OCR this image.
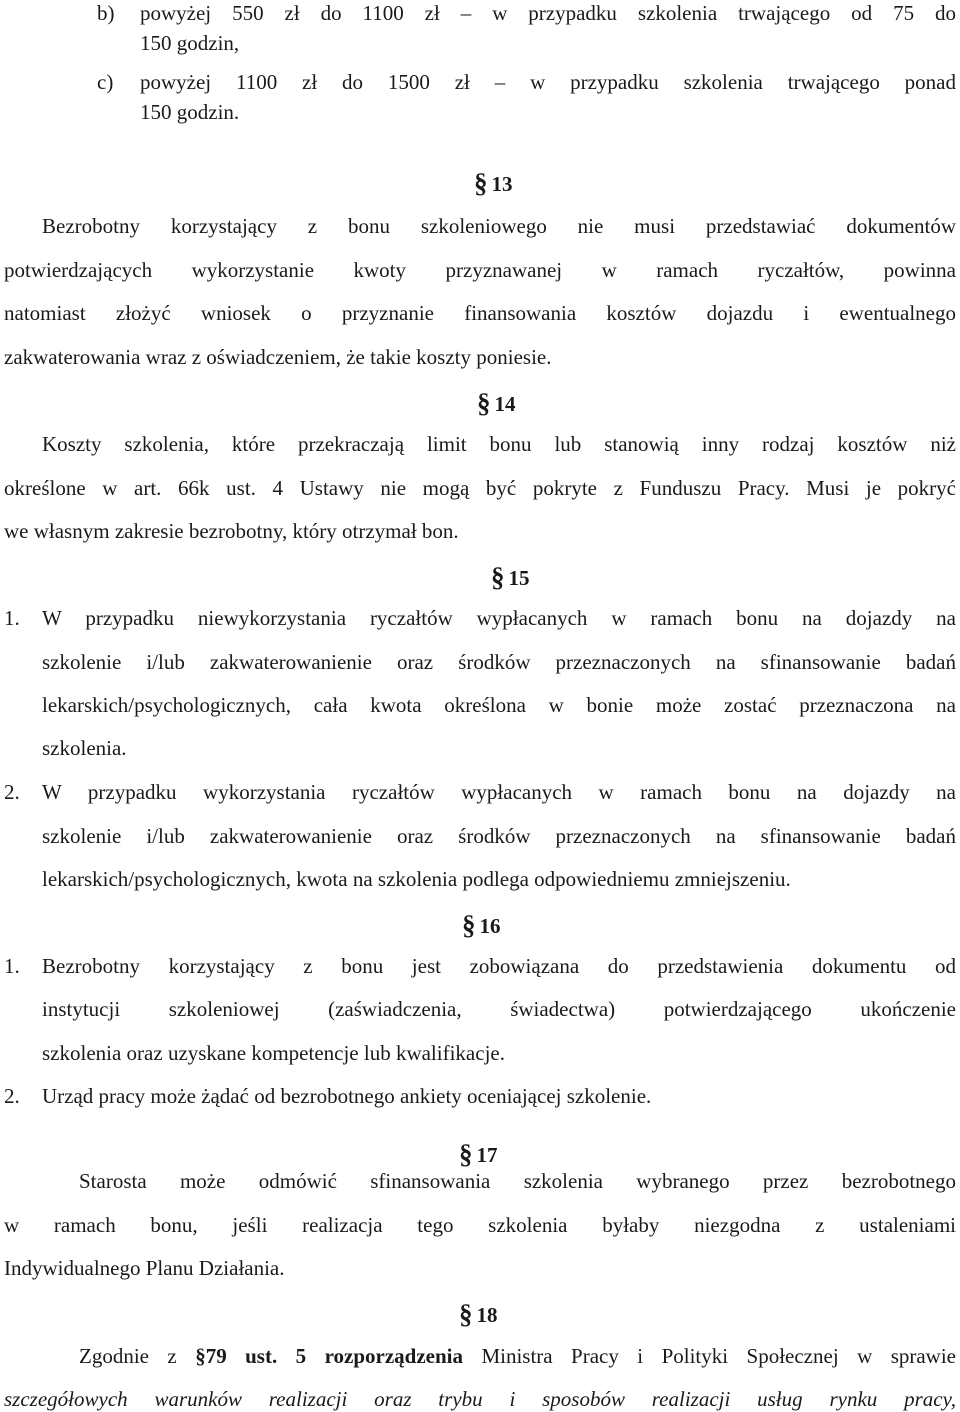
b) powyżej 550 zł do 1100 zł – w przypadku szkolenia trwającego od 75 do
150 godzin,
c) powyżej 1100 zł do 1500 zł – w przypadku szkolenia trwającego ponad
150 godzin.
§ 13
Bezrobotny korzystający z bonu szkoleniowego nie musi przedstawiać dokumentów
potwierdzających wykorzystanie kwoty przyznawanej w ramach ryczałtów, powinna
natomiast złożyć wniosek o przyznanie finansowania kosztów dojazdu i ewentualnego
zakwaterowania wraz z oświadczeniem, że takie koszty poniesie.
§ 14
Koszty szkolenia, które przekraczają limit bonu lub stanowią inny rodzaj kosztów niż
określone w art. 66k ust. 4 Ustawy nie mogą być pokryte z Funduszu Pracy. Musi je pokryć
we własnym zakresie bezrobotny, który otrzymał bon.
§ 15
1. W przypadku niewykorzystania ryczałtów wypłacanych w ramach bonu na dojazdy na
szkolenie i/lub zakwaterowanienie oraz środków przeznaczonych na sfinansowanie badań
lekarskich/psychologicznych, cała kwota określona w bonie może zostać przeznaczona na
szkolenia.
2. W przypadku wykorzystania ryczałtów wypłacanych w ramach bonu na dojazdy na
szkolenie i/lub zakwaterowanienie oraz środków przeznaczonych na sfinansowanie badań
lekarskich/psychologicznych, kwota na szkolenia podlega odpowiedniemu zmniejszeniu.
§ 16
1. Bezrobotny korzystający z bonu jest zobowiązana do przedstawienia dokumentu od
instytucji szkoleniowej (zaświadczenia, świadectwa) potwierdzającego ukończenie
szkolenia oraz uzyskane kompetencje lub kwalifikacje.
2. Urząd pracy może żądać od bezrobotnego ankiety oceniającej szkolenie.
§ 17
Starosta może odmówić sfinansowania szkolenia wybranego przez bezrobotnego
w ramach bonu, jeśli realizacja tego szkolenia byłaby niezgodna z ustaleniami
Indywidualnego Planu Działania.
§ 18
Zgodnie z §79 ust. 5 rozporządzenia Ministra Pracy i Polityki Społecznej w sprawie
szczegółowych warunków realizacji oraz trybu i sposobów realizacji usług rynku pracy,
